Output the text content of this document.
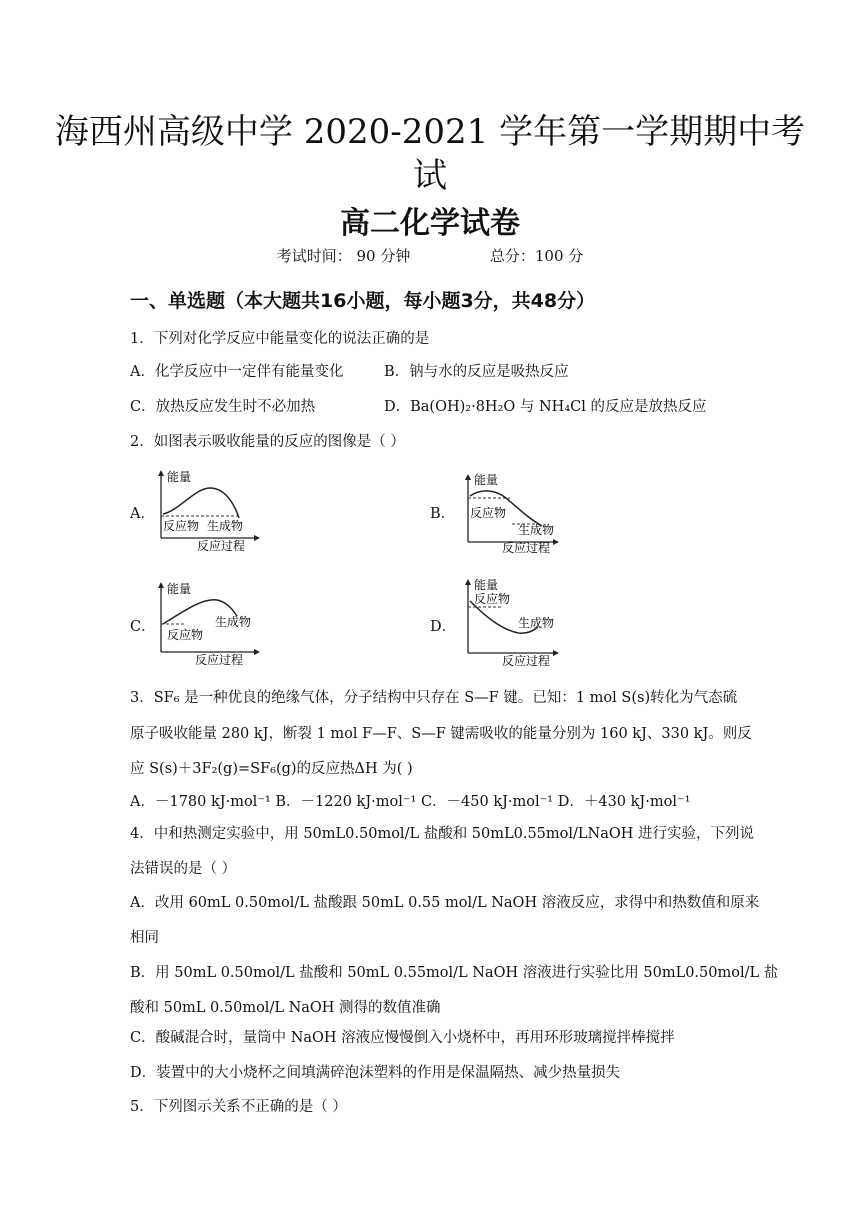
海西州高级中学 2020-2021 学年第一学期期中考
试
高二化学试卷
考试时间： 90 分钟	总分：100 分
一、单选题（本大题共16小题，每小题3分，共48分）
1．下列对化学反应中能量变化的说法正确的是
A．化学反应中一定伴有能量变化	B．钠与水的反应是吸热反应
C．放热反应发生时不必加热	D．Ba(OH)₂·8H₂O 与 NH₄Cl 的反应是放热反应
2．如图表示吸收能量的反应的图像是（ ）
A．
能量
反应物 生成物
反应过程
B．
能量
反应物
生成物
反应过程
C．
能量
反应物
生成物
反应过程
D．
能量
反应物
生成物
反应过程
3．SF₆ 是一种优良的绝缘气体，分子结构中只存在 S—F 键。已知：1 mol S(s)转化为气态硫
原子吸收能量 280 kJ，断裂 1 mol F—F、S—F 键需吸收的能量分别为 160 kJ、330 kJ。则反
应 S(s)＋3F₂(g)=SF₆(g)的反应热ΔH 为( )
A．－1780 kJ·mol⁻¹ B．－1220 kJ·mol⁻¹ C．－450 kJ·mol⁻¹ D．＋430 kJ·mol⁻¹
4．中和热测定实验中，用 50mL0.50mol/L 盐酸和 50mL0.55mol/LNaOH 进行实验，下列说
法错误的是（ ）
A．改用 60mL 0.50mol/L 盐酸跟 50mL 0.55 mol/L NaOH 溶液反应，求得中和热数值和原来
相同
B．用 50mL 0.50mol/L 盐酸和 50mL 0.55mol/L NaOH 溶液进行实验比用 50mL0.50mol/L 盐
酸和 50mL 0.50mol/L NaOH 测得的数值准确
C．酸碱混合时，量筒中 NaOH 溶液应慢慢倒入小烧杯中，再用环形玻璃搅拌棒搅拌
D．装置中的大小烧杯之间填满碎泡沫塑料的作用是保温隔热、减少热量损失
5．下列图示关系不正确的是（ ）
